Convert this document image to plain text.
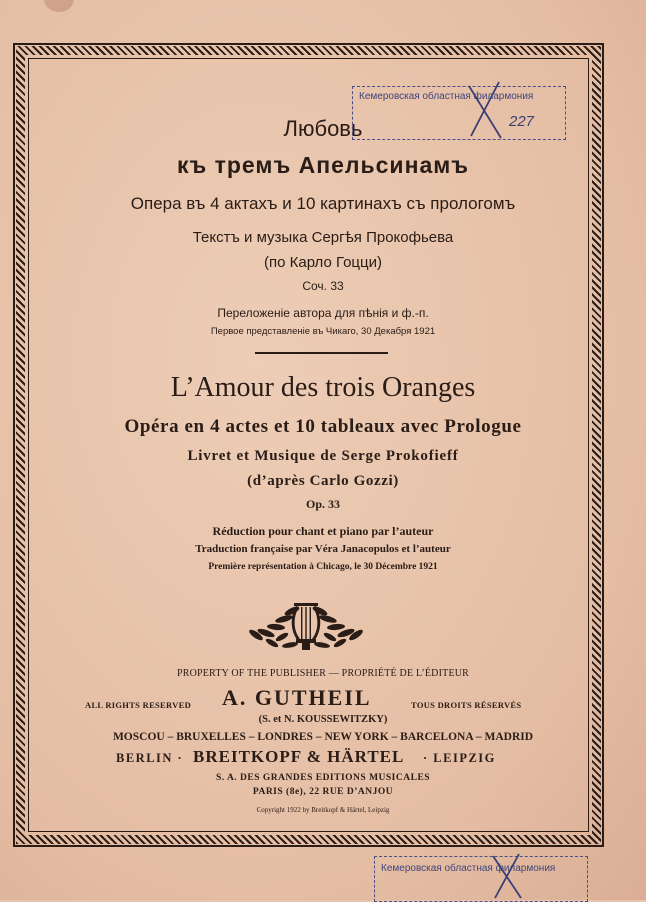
Любовь
къ тремъ Апельсинамъ
Опера въ 4 актахъ и 10 картинахъ съ прологомъ
Текстъ и музыка Сергѣя Прокофьева
(по Карло Гоцци)
Соч. 33
Переложеніе автора для пѣнія и ф.-п.
Первое представленіе въ Чикаго, 30 Декабря 1921
L’Amour des trois Oranges
Opéra en 4 actes et 10 tableaux avec Prologue
Livret et Musique de Serge Prokofieff
(d’après Carlo Gozzi)
Op. 33
Réduction pour chant et piano par l’auteur
Traduction française par Véra Janacopulos et l’auteur
Première représentation à Chicago, le 30 Décembre 1921
PROPERTY OF THE PUBLISHER — PROPRIÉTÉ DE L’ÉDITEUR
ALL RIGHTS RESERVED A. GUTHEIL	TOUS DROITS RÉSERVÉS
(S. et N. KOUSSEWITZKY)
MOSCOU – BRUXELLES – LONDRES – NEW YORK – BARCELONA – MADRID
BERLIN · BREITKOPF & HÄRTEL · LEIPZIG
S. A. DES GRANDES EDITIONS MUSICALES
PARIS (8e), 22 RUE D’ANJOU
Copyright 1922 by Breitkopf & Härtel, Leipzig
Кемеровская областная филармония
227
Кемеровская областная филармония
